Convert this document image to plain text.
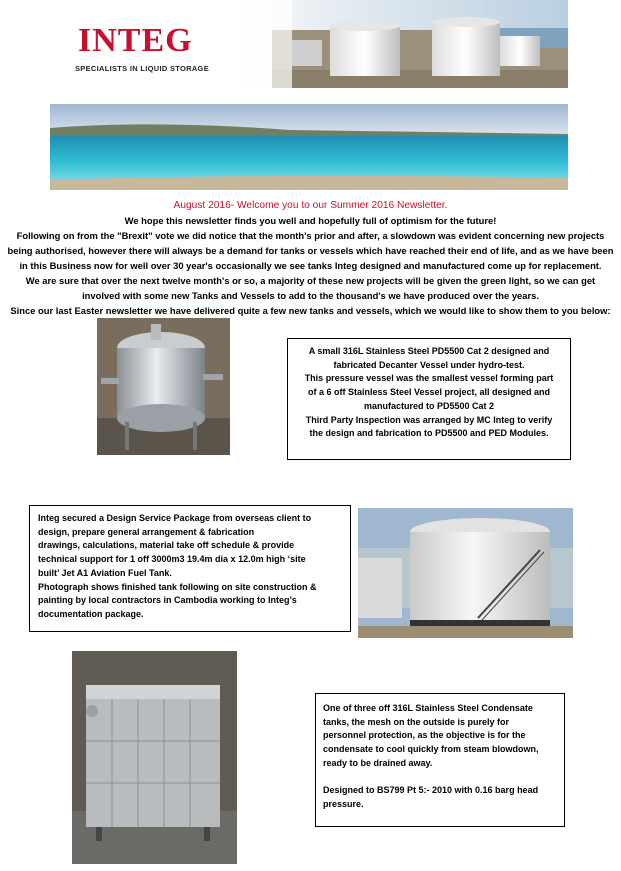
INTEG
SPECIALISTS IN LIQUID STORAGE
August 2016- Welcome you to our Summer 2016 Newsletter.
We hope this newsletter finds you well and hopefully full of optimism for the future!
Following on from the "Brexit" vote we did notice that the month's prior and after, a slowdown was evident concerning new projects
being authorised, however there will always be a demand for tanks or vessels which have reached their end of life, and as we have been
in this Business now for well over 30 year's occasionally we see tanks Integ designed and manufactured come up for replacement.
We are sure that over the next twelve month's or so, a majority of these new projects will be given the green light, so we can get
involved with some new Tanks and Vessels to add to the thousand's we have produced over the years.
Since our last Easter newsletter we have delivered quite a few new tanks and vessels, which we would like to show them to you below:

A small 316L Stainless Steel PD5500 Cat 2 designed and

fabricated Decanter Vessel under hydro-test.

This pressure vessel was the smallest vessel forming part

of a 6 off Stainless Steel Vessel project, all designed and

manufactured to PD5500 Cat 2

Third Party Inspection was arranged by MC Integ to verify

the design and fabrication to PD5500 and PED Modules.

Integ secured a Design Service Package from overseas client to

design, prepare general arrangement & fabrication

drawings, calculations, material take off schedule & provide

technical support for 1 off 3000m3 19.4m dia x 12.0m high ‘site

built’ Jet A1 Aviation Fuel Tank.

Photograph shows finished tank following on site construction &

painting by local contractors in Cambodia working to Integ’s

documentation package.

One of three off 316L Stainless Steel Condensate

tanks, the mesh on the outside is purely for

personnel protection, as the objective is for the

condensate to cool quickly from steam blowdown,

ready to be drained away.

Designed to BS799 Pt 5:- 2010 with 0.16 barg head

pressure.
